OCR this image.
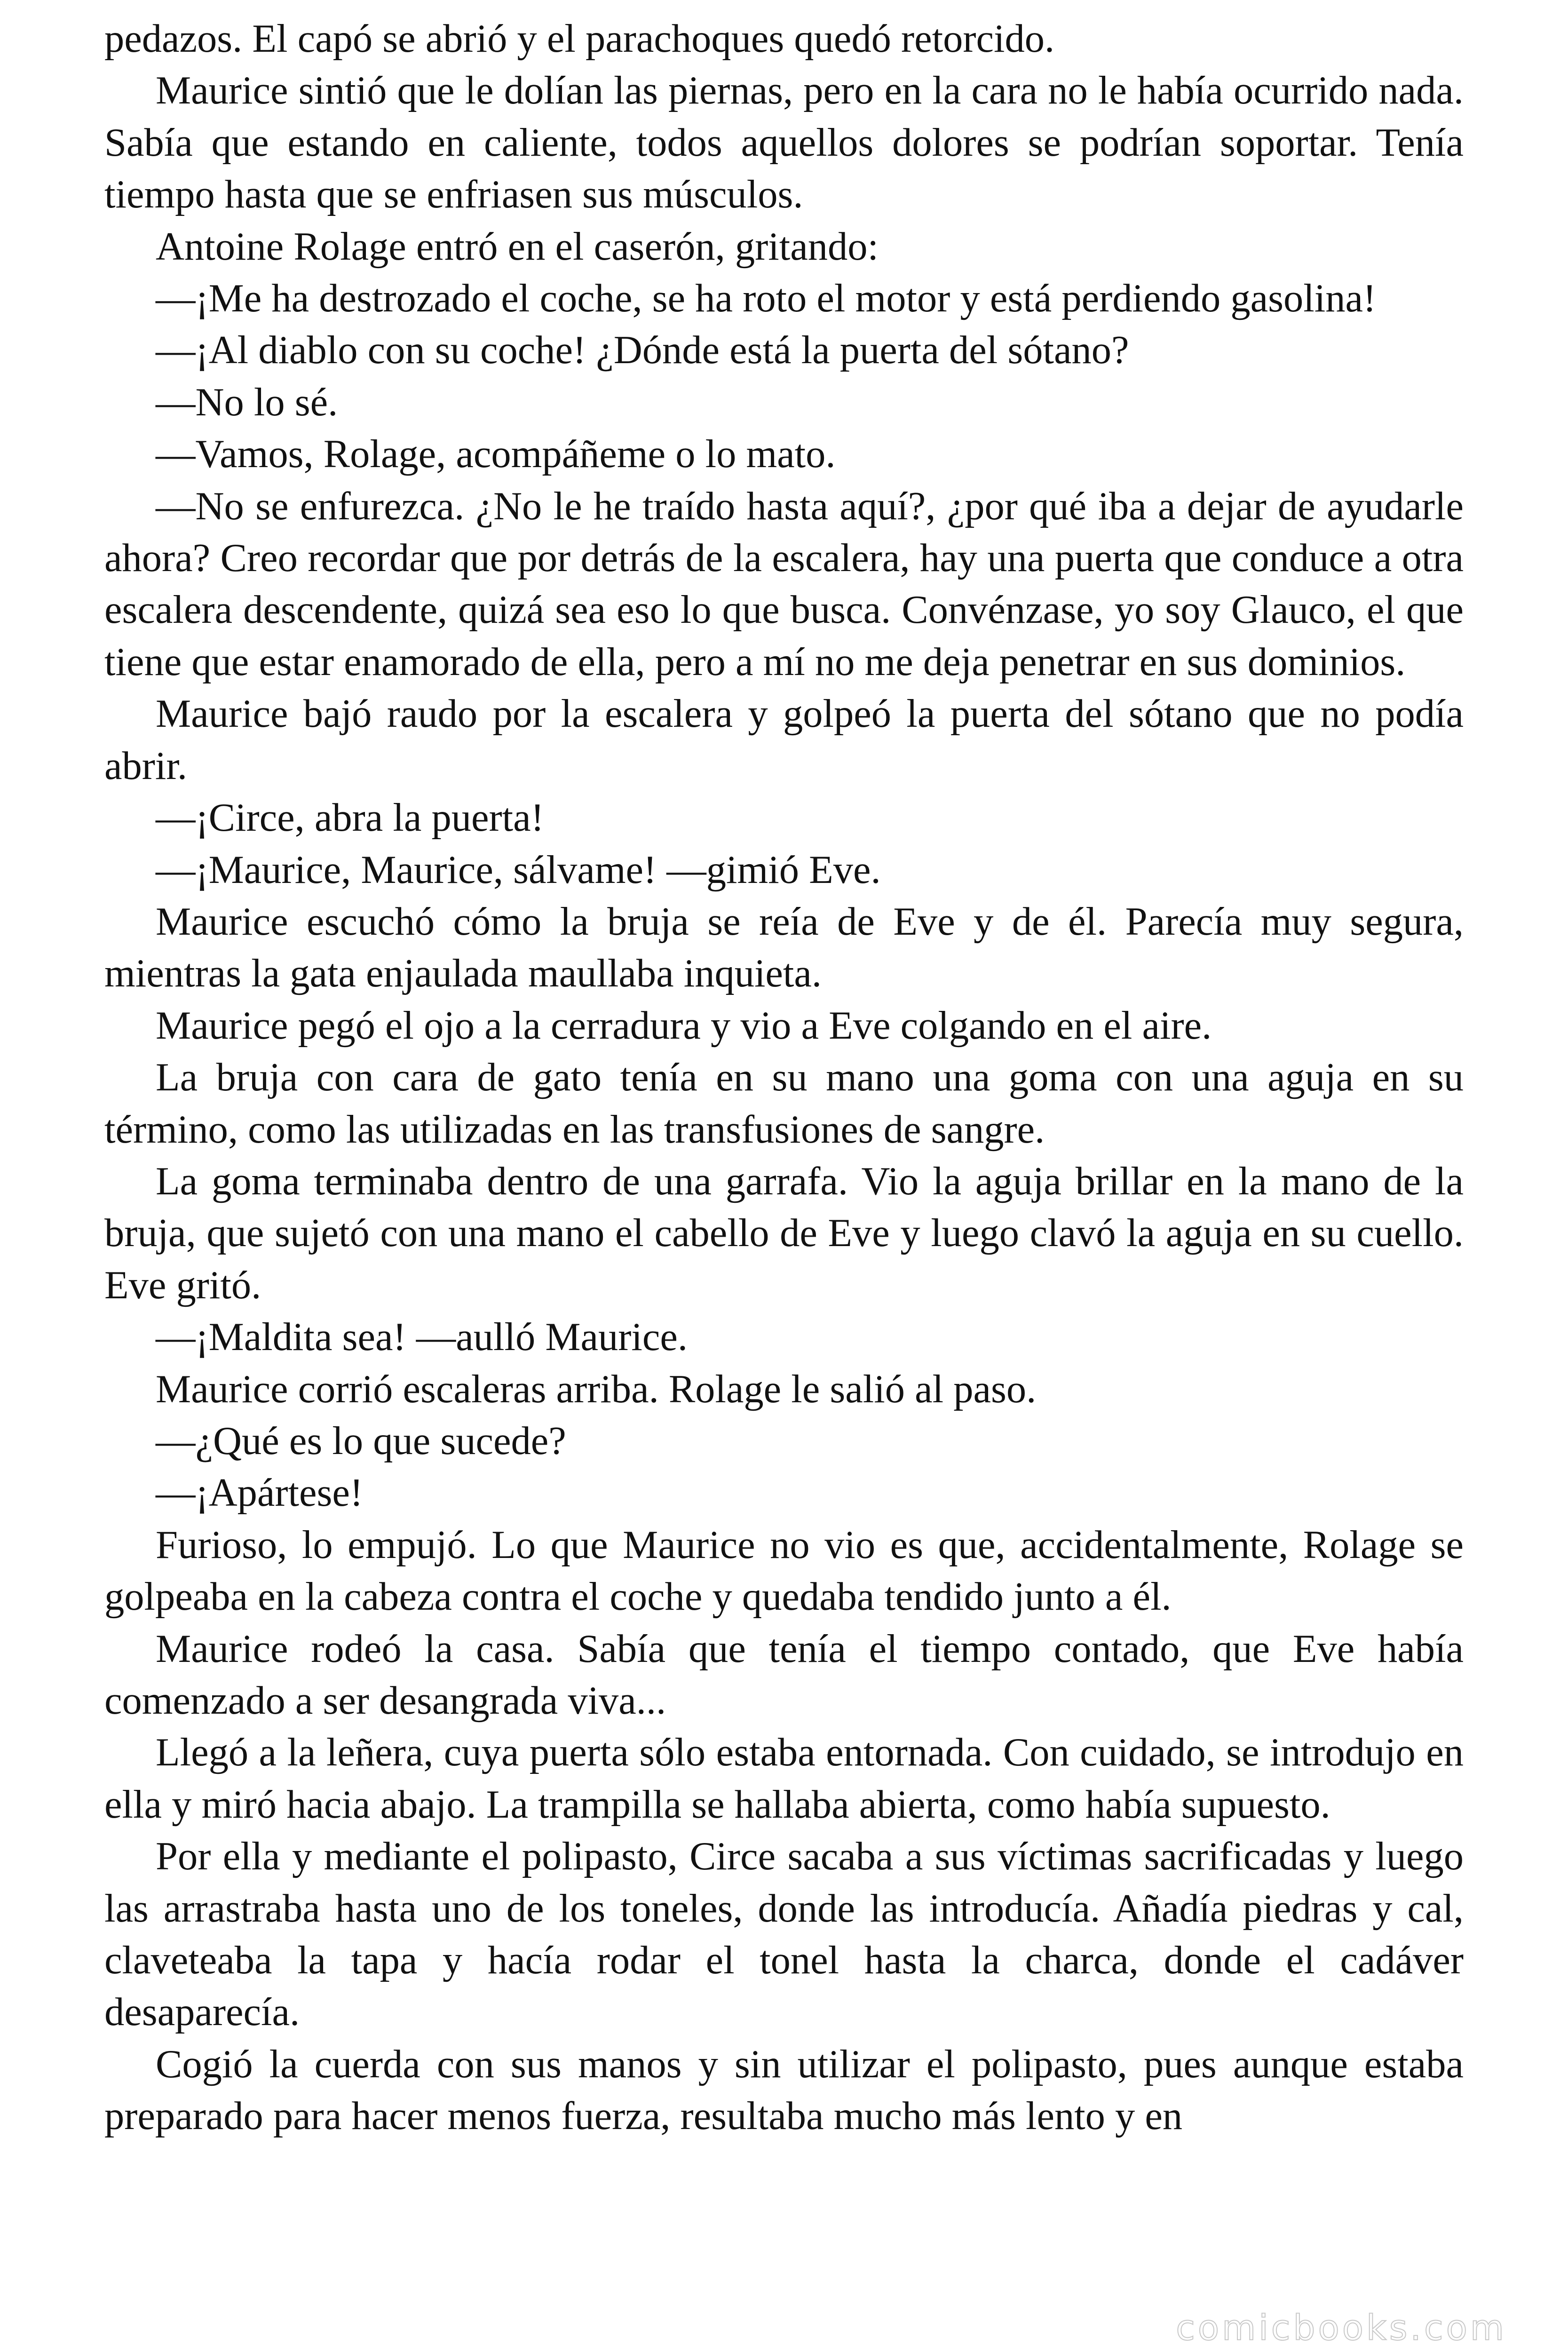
pedazos. El capó se abrió y el parachoques quedó retorcido.

Maurice sintió que le dolían las piernas, pero en la cara no le había ocurrido nada. Sabía que estando en caliente, todos aquellos dolores se podrían soportar. Tenía tiempo hasta que se enfriasen sus músculos.

Antoine Rolage entró en el caserón, gritando:

—¡Me ha destrozado el coche, se ha roto el motor y está perdiendo gasolina!

—¡Al diablo con su coche! ¿Dónde está la puerta del sótano?

—No lo sé.

—Vamos, Rolage, acompáñeme o lo mato.

—No se enfurezca. ¿No le he traído hasta aquí?, ¿por qué iba a dejar de ayudarle ahora? Creo recordar que por detrás de la escalera, hay una puerta que conduce a otra escalera descendente, quizá sea eso lo que busca. Convénzase, yo soy Glauco, el que tiene que estar enamorado de ella, pero a mí no me deja penetrar en sus dominios.

Maurice bajó raudo por la escalera y golpeó la puerta del sótano que no podía abrir.

—¡Circe, abra la puerta!

—¡Maurice, Maurice, sálvame! —gimió Eve.

Maurice escuchó cómo la bruja se reía de Eve y de él. Parecía muy segura, mientras la gata enjaulada maullaba inquieta.

Maurice pegó el ojo a la cerradura y vio a Eve colgando en el aire.

La bruja con cara de gato tenía en su mano una goma con una aguja en su término, como las utilizadas en las transfusiones de sangre.

La goma terminaba dentro de una garrafa. Vio la aguja brillar en la mano de la bruja, que sujetó con una mano el cabello de Eve y luego clavó la aguja en su cuello. Eve gritó.

—¡Maldita sea! —aulló Maurice.

Maurice corrió escaleras arriba. Rolage le salió al paso.

—¿Qué es lo que sucede?

—¡Apártese!

Furioso, lo empujó. Lo que Maurice no vio es que, accidentalmente, Rolage se golpeaba en la cabeza contra el coche y quedaba tendido junto a él.

Maurice rodeó la casa. Sabía que tenía el tiempo contado, que Eve había comenzado a ser desangrada viva...

Llegó a la leñera, cuya puerta sólo estaba entornada. Con cuidado, se introdujo en ella y miró hacia abajo. La trampilla se hallaba abierta, como había supuesto.

Por ella y mediante el polipasto, Circe sacaba a sus víctimas sacrificadas y luego las arrastraba hasta uno de los toneles, donde las introducía. Añadía piedras y cal, claveteaba la tapa y hacía rodar el tonel hasta la charca, donde el cadáver desaparecía.

Cogió la cuerda con sus manos y sin utilizar el polipasto, pues aunque estaba preparado para hacer menos fuerza, resultaba mucho más lento y en

comicbooks.com
